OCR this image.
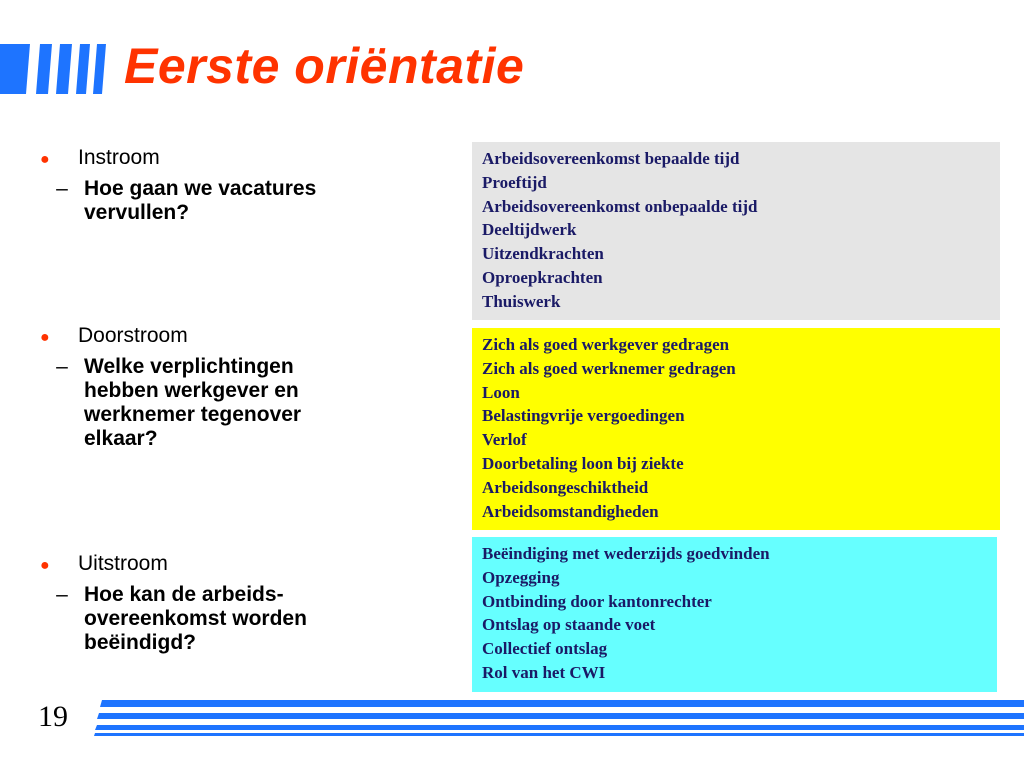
Eerste oriëntatie
●	Instroom
– Hoe gaan we vacatures vervullen?
●	Doorstroom
– Welke verplichtingen hebben werkgever en werknemer tegenover elkaar?
●	Uitstroom
– Hoe kan de arbeids-overeenkomst worden beëindigd?
Arbeidsovereenkomst bepaalde tijd
Proeftijd
Arbeidsovereenkomst onbepaalde tijd
Deeltijdwerk
Uitzendkrachten
Oproepkrachten
Thuiswerk
Zich als goed werkgever gedragen
Zich als goed werknemer gedragen
Loon
Belastingvrije vergoedingen
Verlof
Doorbetaling loon bij ziekte
Arbeidsongeschiktheid
Arbeidsomstandigheden
Beëindiging met wederzijds goedvinden
Opzegging
Ontbinding door kantonrechter
Ontslag op staande voet
Collectief ontslag
Rol van het CWI
19
